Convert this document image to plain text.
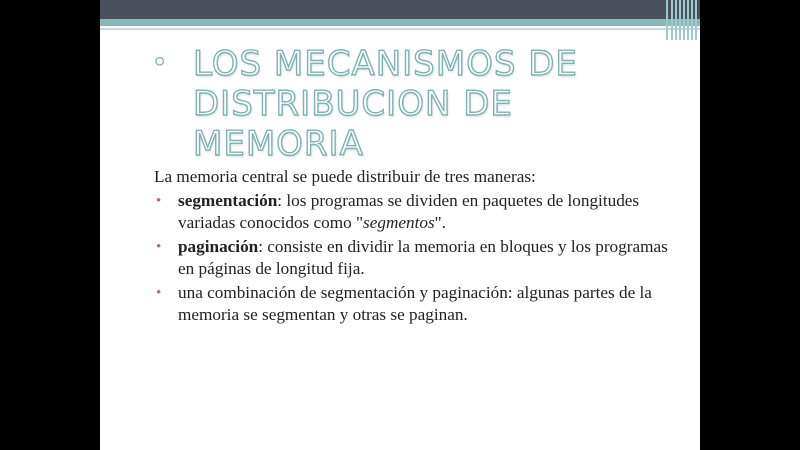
• LOS MECANISMOS DE DISTRIBUCION DE MEMORIA

La memoria central se puede distribuir de tres maneras:

• segmentación: los programas se dividen en paquetes de longitudes variadas conocidos como "segmentos".
• paginación: consiste en dividir la memoria en bloques y los programas en páginas de longitud fija.
• una combinación de segmentación y paginación: algunas partes de la memoria se segmentan y otras se paginan.
